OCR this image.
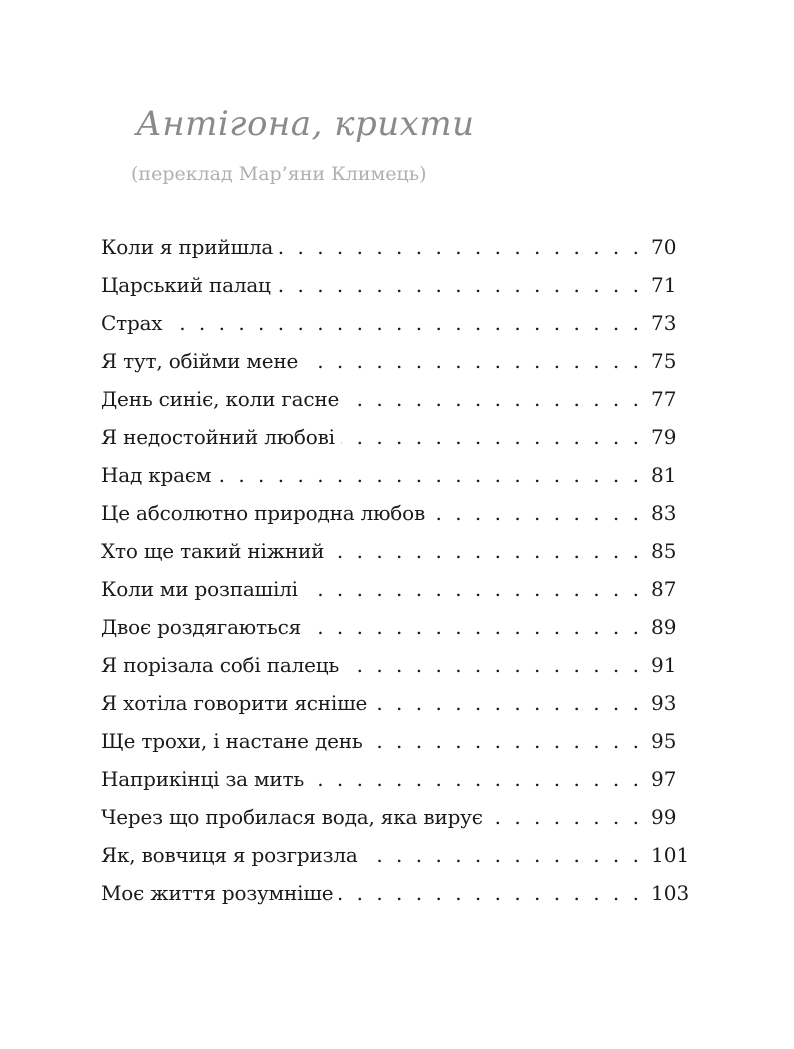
Антігона, крихти
(переклад Мар’яни Климець)
. . .
Коли я прийшла	70
. . .
Царський палац	71
. . .
Страх	73
. . .
Я тут, обійми мене	75
. . .
День синіє, коли гасне	77
. . .
Я недостойний любові	79
. . .
Над краєм	81
. . .
Це абсолютно природна любов	83
. . .
Хто ще такий ніжний	85
. . .
Коли ми розпашілі	87
. . .
Двоє роздягаються	89
. . .
Я порізала собі палець	91
. . .
Я хотіла говорити ясніше	93
. . .
Ще трохи, і настане день	95
. . .
Наприкінці за мить	97
. . .
Через що пробилася вода, яка вирує	99
. . .
Як, вовчиця я розгризла	101
. . .
Моє життя розумніше	103
